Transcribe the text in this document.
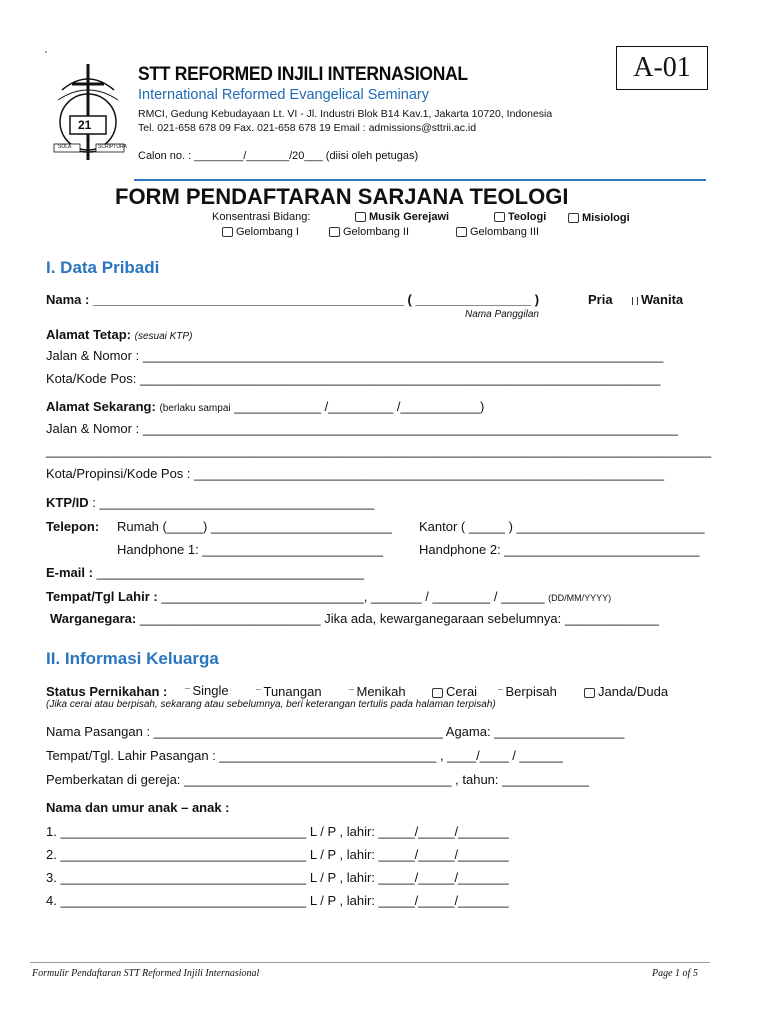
·
21
SOLA	SCRIPTURA
STT REFORMED INJILI INTERNASIONAL
International Reformed Evangelical Seminary
RMCI, Gedung Kebudayaan Lt. VI - Jl. Industri Blok B14 Kav.1, Jakarta 10720, Indonesia
Tel. 021-658 678 09 Fax. 021-658 678 19 Email : admissions@sttrii.ac.id
Calon no. : ________/_______/20___ (diisi oleh petugas)
A-01
FORM PENDAFTARAN SARJANA TEOLOGI
Konsentrasi Bidang:	Musik Gerejawi	Teologi	Misiologi
Gelombang I	Gelombang II	Gelombang III
I. Data Pribadi
Nama : ___________________________________________ ( ________________ )	Pria	Wanita
Nama Panggilan
Alamat Tetap: (sesuai KTP)
Jalan & Nomor : ________________________________________________________________________
Kota/Kode Pos: ________________________________________________________________________
Alamat Sekarang: (berlaku sampai ____________ /_________ /___________)
Jalan & Nomor : __________________________________________________________________________
____________________________________________________________________________________________
Kota/Propinsi/Kode Pos : _________________________________________________________________
KTP/ID : ______________________________________
Telepon: Rumah (_____) _________________________ Kantor ( _____ ) __________________________
Handphone 1: _________________________	Handphone 2: ___________________________
E-mail : _____________________________________
Tempat/Tgl Lahir : ____________________________, _______ / ________ / ______ (DD/MM/YYYY)
Warganegara: _________________________ Jika ada, kewarganegaraan sebelumnya: _____________
II. Informasi Keluarga
Status Pernikahan : ¯ Single	¯ Tunangan	¯ Menikah	Cerai ¯ Berpisah	Janda/Duda
(Jika cerai atau berpisah, sekarang atau sebelumnya, beri keterangan tertulis pada halaman terpisah)
Nama Pasangan : ________________________________________ Agama: __________________
Tempat/Tgl. Lahir Pasangan : ______________________________ , ____/____ / ______
Pemberkatan di gereja: _____________________________________ , tahun: ____________
Nama dan umur anak – anak :
1. __________________________________ L / P , lahir: _____/_____/_______
2. __________________________________ L / P , lahir: _____/_____/_______
3. __________________________________ L / P , lahir: _____/_____/_______
4. __________________________________ L / P , lahir: _____/_____/_______
Formulir Pendaftaran STT Reformed Injili Internasional	Page 1 of 5
